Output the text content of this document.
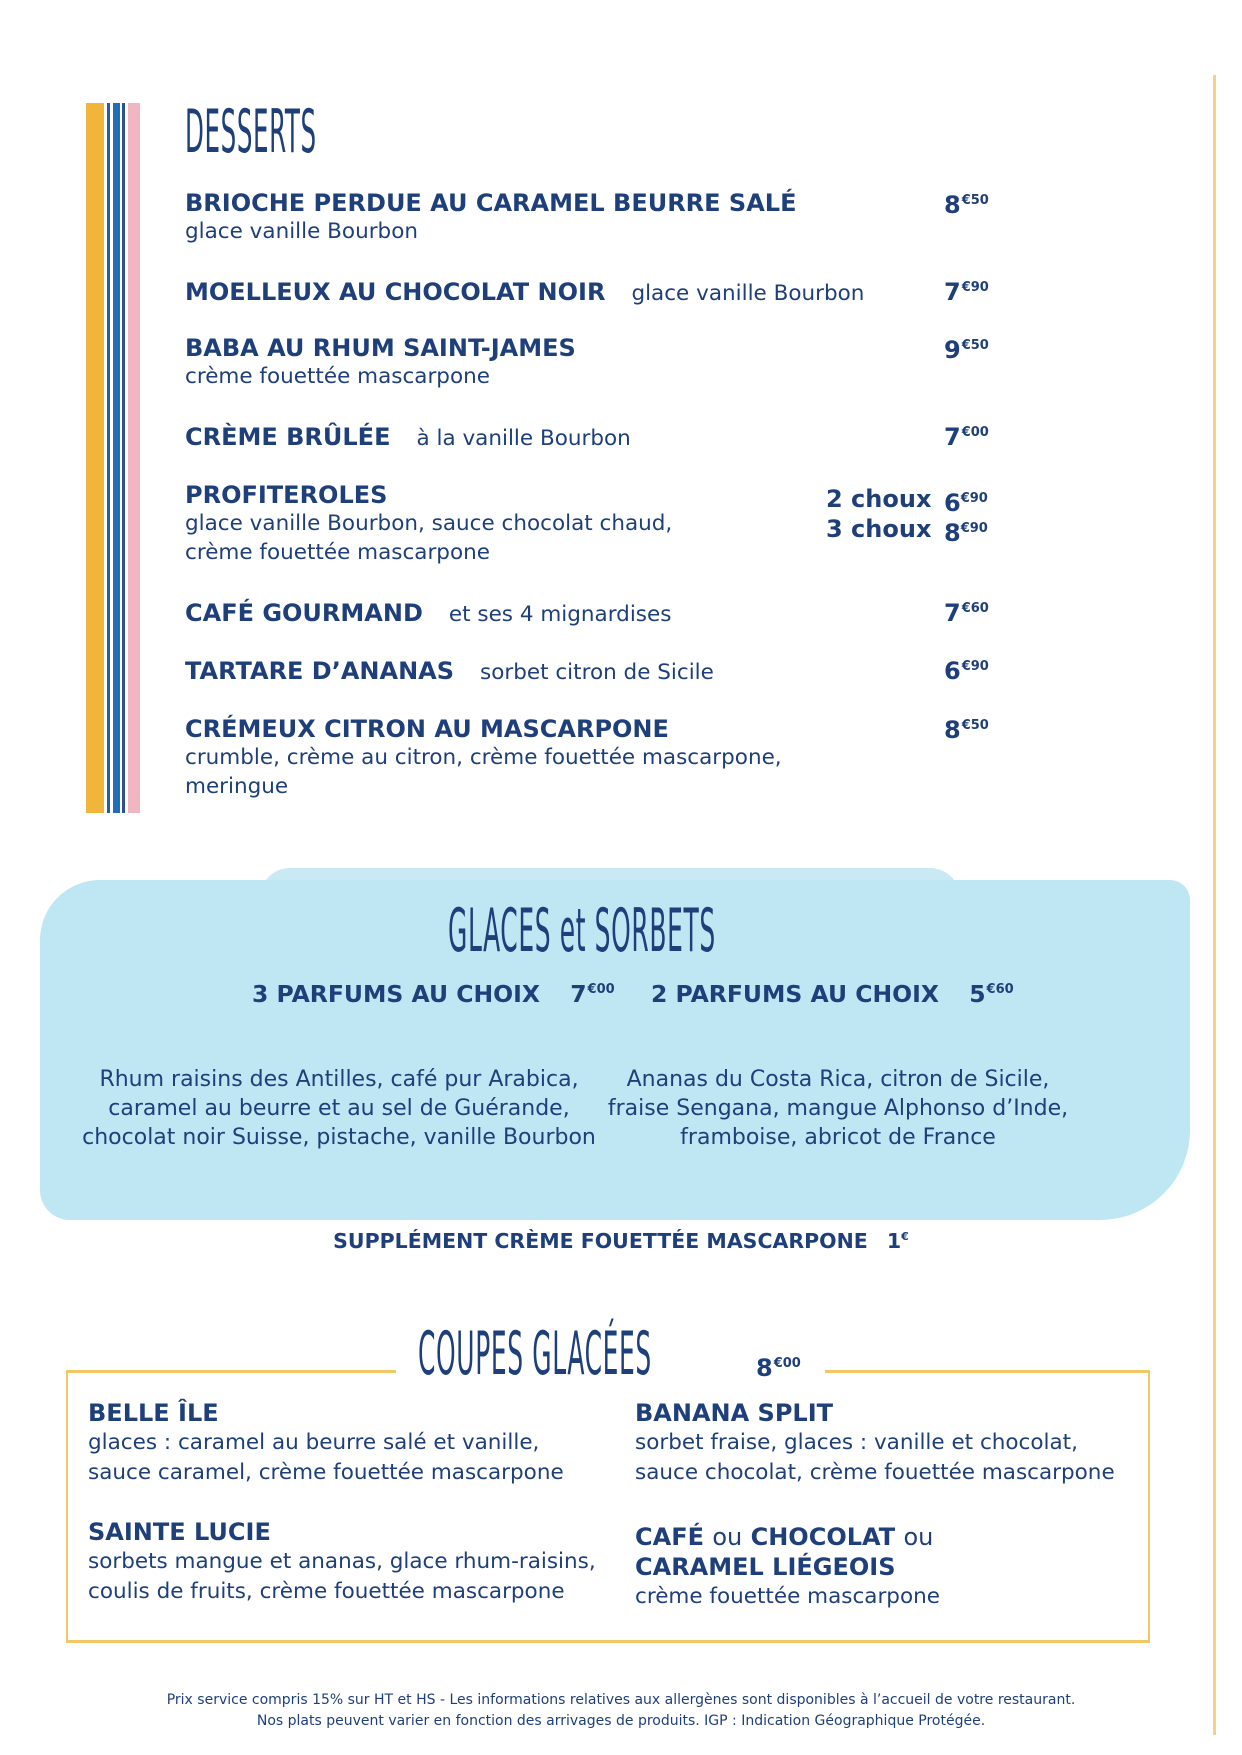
DESSERTS
BRIOCHE PERDUE AU CARAMEL BEURRE SALÉ
glace vanille Bourbon
$8^{€50}$
MOELLEUX AU CHOCOLAT NOIR glace vanille Bourbon	$7^{€90}$
BABA AU RHUM SAINT-JAMES
crème fouettée mascarpone
$9^{€50}$
CRÈME BRÛLÉE à la vanille Bourbon	$7^{€00}$
PROFITEROLES
glace vanille Bourbon, sauce chocolat chaud,
crème fouettée mascarpone
2 choux $6^{€90}$
3 choux $8^{€90}$
CAFÉ GOURMAND et ses 4 mignardises	$7^{€60}$
TARTARE D’ANANAS sorbet citron de Sicile	$6^{€90}$
CRÉMEUX CITRON AU MASCARPONE
crumble, crème au citron, crème fouettée mascarpone,
meringue
$8^{€50}$
GLACES et SORBETS
3 PARFUMS AU CHOIX $7^{€00}$ 2 PARFUMS AU CHOIX $5^{€60}$
Rhum raisins des Antilles, café pur Arabica,
caramel au beurre et au sel de Guérande,
chocolat noir Suisse, pistache, vanille Bourbon
Ananas du Costa Rica, citron de Sicile,
fraise Sengana, mangue Alphonso d’Inde,
framboise, abricot de France
SUPPLÉMENT CRÈME FOUETTÉE MASCARPONE 1€
COUPES GLACÉES	$8^{€00}$
BELLE ÎLE
glaces : caramel au beurre salé et vanille,
sauce caramel, crème fouettée mascarpone
BANANA SPLIT
sorbet fraise, glaces : vanille et chocolat,
sauce chocolat, crème fouettée mascarpone
SAINTE LUCIE
sorbets mangue et ananas, glace rhum-raisins,
coulis de fruits, crème fouettée mascarpone
CAFÉ ou CHOCOLAT ou
CARAMEL LIÉGEOIS
crème fouettée mascarpone
Prix service compris 15% sur HT et HS - Les informations relatives aux allergènes sont disponibles à l’accueil de votre restaurant.
Nos plats peuvent varier en fonction des arrivages de produits. IGP : Indication Géographique Protégée.
